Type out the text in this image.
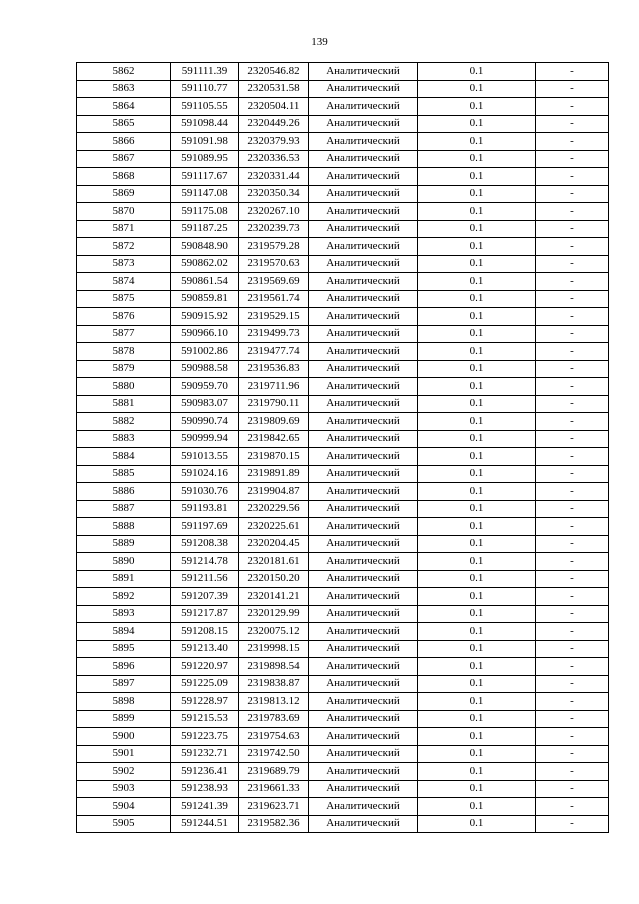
139
5862	591111.39	2320546.82	Аналитический	0.1	-
5863	591110.77	2320531.58	Аналитический	0.1	-
5864	591105.55	2320504.11	Аналитический	0.1	-
5865	591098.44	2320449.26	Аналитический	0.1	-
5866	591091.98	2320379.93	Аналитический	0.1	-
5867	591089.95	2320336.53	Аналитический	0.1	-
5868	591117.67	2320331.44	Аналитический	0.1	-
5869	591147.08	2320350.34	Аналитический	0.1	-
5870	591175.08	2320267.10	Аналитический	0.1	-
5871	591187.25	2320239.73	Аналитический	0.1	-
5872	590848.90	2319579.28	Аналитический	0.1	-
5873	590862.02	2319570.63	Аналитический	0.1	-
5874	590861.54	2319569.69	Аналитический	0.1	-
5875	590859.81	2319561.74	Аналитический	0.1	-
5876	590915.92	2319529.15	Аналитический	0.1	-
5877	590966.10	2319499.73	Аналитический	0.1	-
5878	591002.86	2319477.74	Аналитический	0.1	-
5879	590988.58	2319536.83	Аналитический	0.1	-
5880	590959.70	2319711.96	Аналитический	0.1	-
5881	590983.07	2319790.11	Аналитический	0.1	-
5882	590990.74	2319809.69	Аналитический	0.1	-
5883	590999.94	2319842.65	Аналитический	0.1	-
5884	591013.55	2319870.15	Аналитический	0.1	-
5885	591024.16	2319891.89	Аналитический	0.1	-
5886	591030.76	2319904.87	Аналитический	0.1	-
5887	591193.81	2320229.56	Аналитический	0.1	-
5888	591197.69	2320225.61	Аналитический	0.1	-
5889	591208.38	2320204.45	Аналитический	0.1	-
5890	591214.78	2320181.61	Аналитический	0.1	-
5891	591211.56	2320150.20	Аналитический	0.1	-
5892	591207.39	2320141.21	Аналитический	0.1	-
5893	591217.87	2320129.99	Аналитический	0.1	-
5894	591208.15	2320075.12	Аналитический	0.1	-
5895	591213.40	2319998.15	Аналитический	0.1	-
5896	591220.97	2319898.54	Аналитический	0.1	-
5897	591225.09	2319838.87	Аналитический	0.1	-
5898	591228.97	2319813.12	Аналитический	0.1	-
5899	591215.53	2319783.69	Аналитический	0.1	-
5900	591223.75	2319754.63	Аналитический	0.1	-
5901	591232.71	2319742.50	Аналитический	0.1	-
5902	591236.41	2319689.79	Аналитический	0.1	-
5903	591238.93	2319661.33	Аналитический	0.1	-
5904	591241.39	2319623.71	Аналитический	0.1	-
5905	591244.51	2319582.36	Аналитический	0.1	-
